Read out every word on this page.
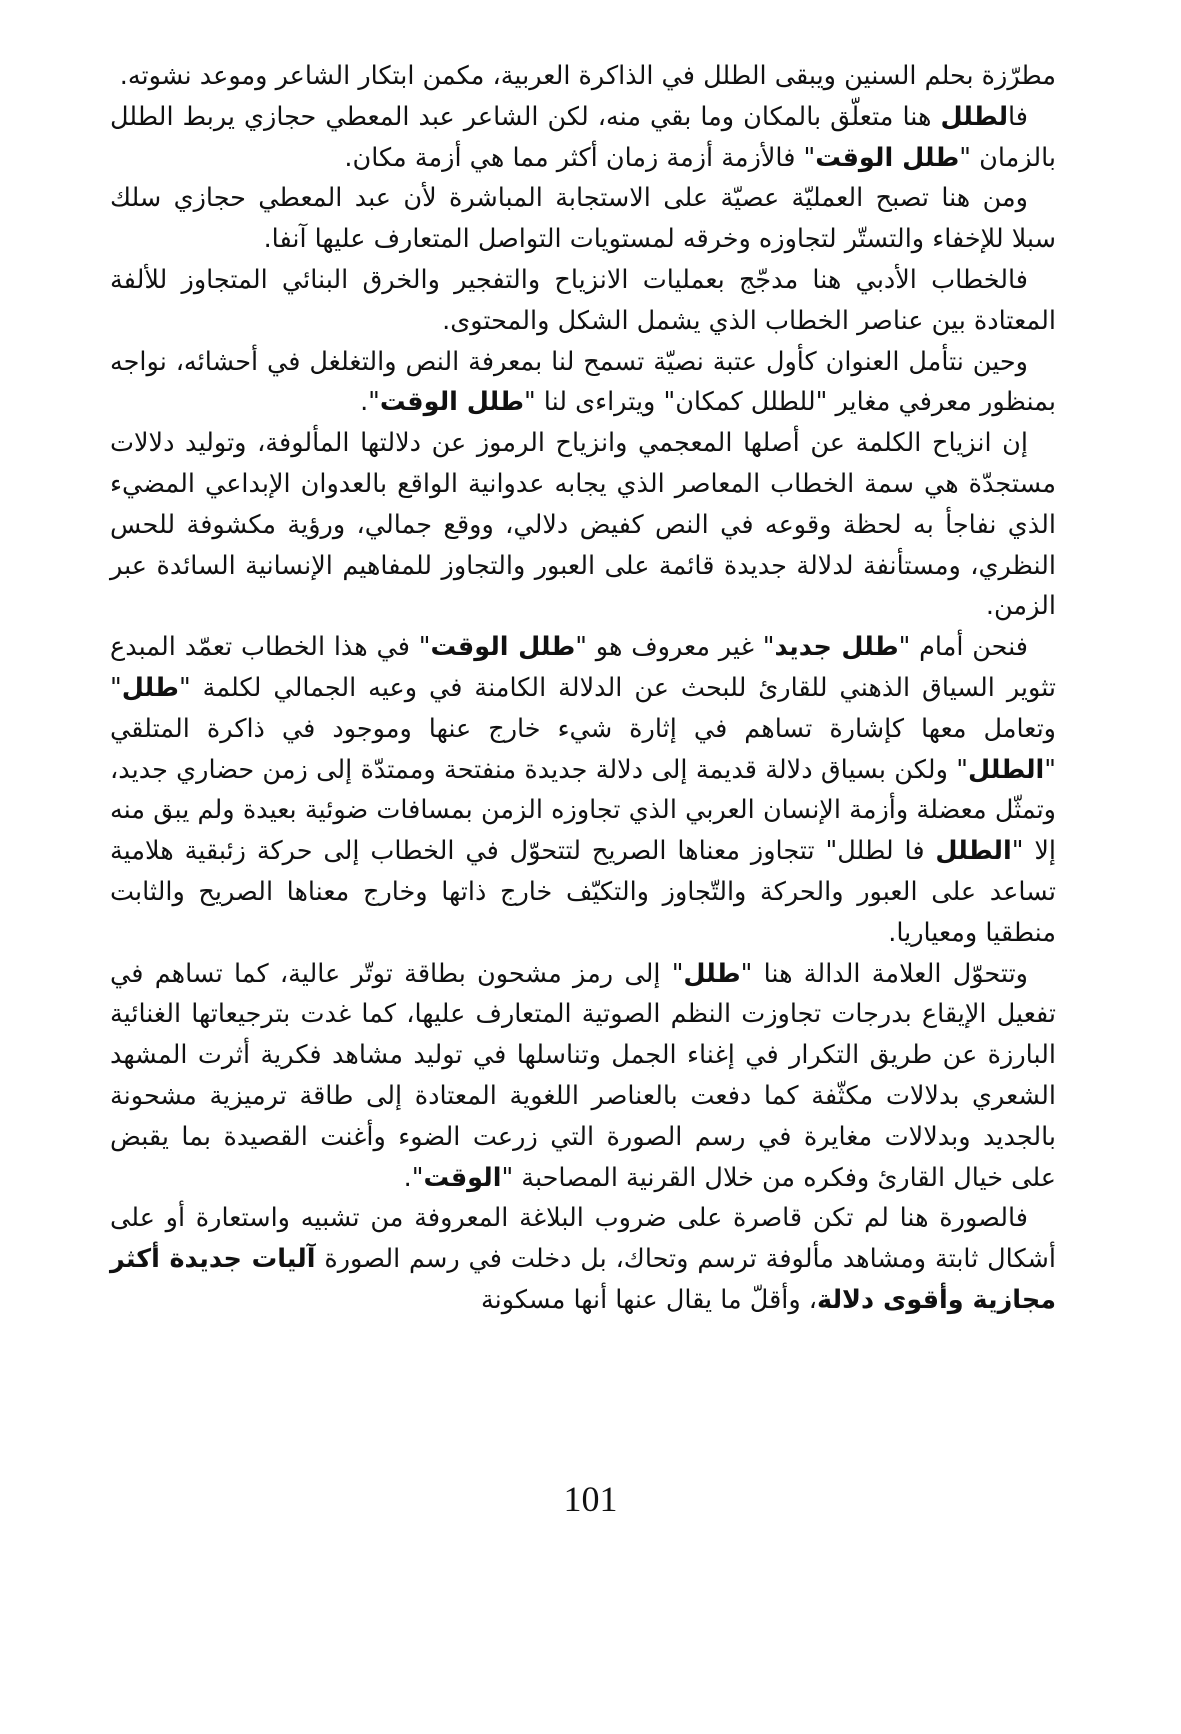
مطرّزة بحلم السنين ويبقى الطلل في الذاكرة العربية، مكمن ابتكار الشاعر وموعد نشوته.

فالطلل هنا متعلّق بالمكان وما بقي منه، لكن الشاعر عبد المعطي حجازي يربط الطلل بالزمان "طلل الوقت" فالأزمة أزمة زمان أكثر مما هي أزمة مكان.

ومن هنا تصبح العمليّة عصيّة على الاستجابة المباشرة لأن عبد المعطي حجازي سلك سبلا للإخفاء والتستّر لتجاوزه وخرقه لمستويات التواصل المتعارف عليها آنفا.

فالخطاب الأدبي هنا مدجّج بعمليات الانزياح والتفجير والخرق البنائي المتجاوز للألفة المعتادة بين عناصر الخطاب الذي يشمل الشكل والمحتوى.

وحين نتأمل العنوان كأول عتبة نصيّة تسمح لنا بمعرفة النص والتغلغل في أحشائه، نواجه بمنظور معرفي مغاير "للطلل كمكان" ويتراءى لنا "طلل الوقت".

إن انزياح الكلمة عن أصلها المعجمي وانزياح الرموز عن دلالتها المألوفة، وتوليد دلالات مستجدّة هي سمة الخطاب المعاصر الذي يجابه عدوانية الواقع بالعدوان الإبداعي المضيء الذي نفاجأ به لحظة وقوعه في النص كفيض دلالي، ووقع جمالي، ورؤية مكشوفة للحس النظري، ومستأنفة لدلالة جديدة قائمة على العبور والتجاوز للمفاهيم الإنسانية السائدة عبر الزمن.

فنحن أمام "طلل جديد" غير معروف هو "طلل الوقت" في هذا الخطاب تعمّد المبدع تثوير السياق الذهني للقارئ للبحث عن الدلالة الكامنة في وعيه الجمالي لكلمة "طلل" وتعامل معها كإشارة تساهم في إثارة شيء خارج عنها وموجود في ذاكرة المتلقي "الطلل" ولكن بسياق دلالة قديمة إلى دلالة جديدة منفتحة وممتدّة إلى زمن حضاري جديد، وتمثّل معضلة وأزمة الإنسان العربي الذي تجاوزه الزمن بمسافات ضوئية بعيدة ولم يبق منه إلا "الطلل فا لطلل" تتجاوز معناها الصريح لتتحوّل في الخطاب إلى حركة زئبقية هلامية تساعد على العبور والحركة والتّجاوز والتكيّف خارج ذاتها وخارج معناها الصريح والثابت منطقيا ومعياريا.

وتتحوّل العلامة الدالة هنا "طلل" إلى رمز مشحون بطاقة توتّر عالية، كما تساهم في تفعيل الإيقاع بدرجات تجاوزت النظم الصوتية المتعارف عليها، كما غدت بترجيعاتها الغنائية البارزة عن طريق التكرار في إغناء الجمل وتناسلها في توليد مشاهد فكرية أثرت المشهد الشعري بدلالات مكثّفة كما دفعت بالعناصر اللغوية المعتادة إلى طاقة ترميزية مشحونة بالجديد وبدلالات مغايرة في رسم الصورة التي زرعت الضوء وأغنت القصيدة بما يقبض على خيال القارئ وفكره من خلال القرنية المصاحبة "الوقت".

فالصورة هنا لم تكن قاصرة على ضروب البلاغة المعروفة من تشبيه واستعارة أو على أشكال ثابتة ومشاهد مألوفة ترسم وتحاك، بل دخلت في رسم الصورة آليات جديدة أكثر مجازية وأقوى دلالة، وأقلّ ما يقال عنها أنها مسكونة

101
